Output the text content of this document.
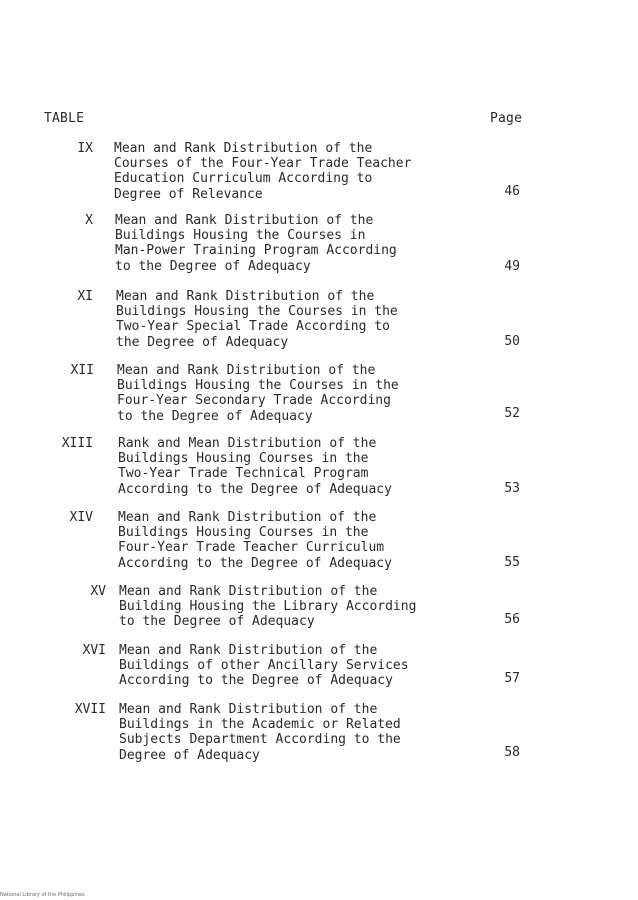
TABLE	Page
IX Mean and Rank Distribution of the
Courses of the Four-Year Trade Teacher
Education Curriculum According to
Degree of Relevance	46
X Mean and Rank Distribution of the
Buildings Housing the Courses in
Man-Power Training Program According
to the Degree of Adequacy	49
XI Mean and Rank Distribution of the
Buildings Housing the Courses in the
Two-Year Special Trade According to
the Degree of Adequacy	50
XII Mean and Rank Distribution of the
Buildings Housing the Courses in the
Four-Year Secondary Trade According
to the Degree of Adequacy	52
XIII Rank and Mean Distribution of the
Buildings Housing Courses in the
Two-Year Trade Technical Program
According to the Degree of Adequacy	53
XIV Mean and Rank Distribution of the
Buildings Housing Courses in the
Four-Year Trade Teacher Curriculum
According to the Degree of Adequacy	55
XV Mean and Rank Distribution of the
Building Housing the Library According
to the Degree of Adequacy	56
XVI Mean and Rank Distribution of the
Buildings of other Ancillary Services
According to the Degree of Adequacy	57
XVII Mean and Rank Distribution of the
Buildings in the Academic or Related
Subjects Department According to the
Degree of Adequacy	58
National Library of the Philippines
